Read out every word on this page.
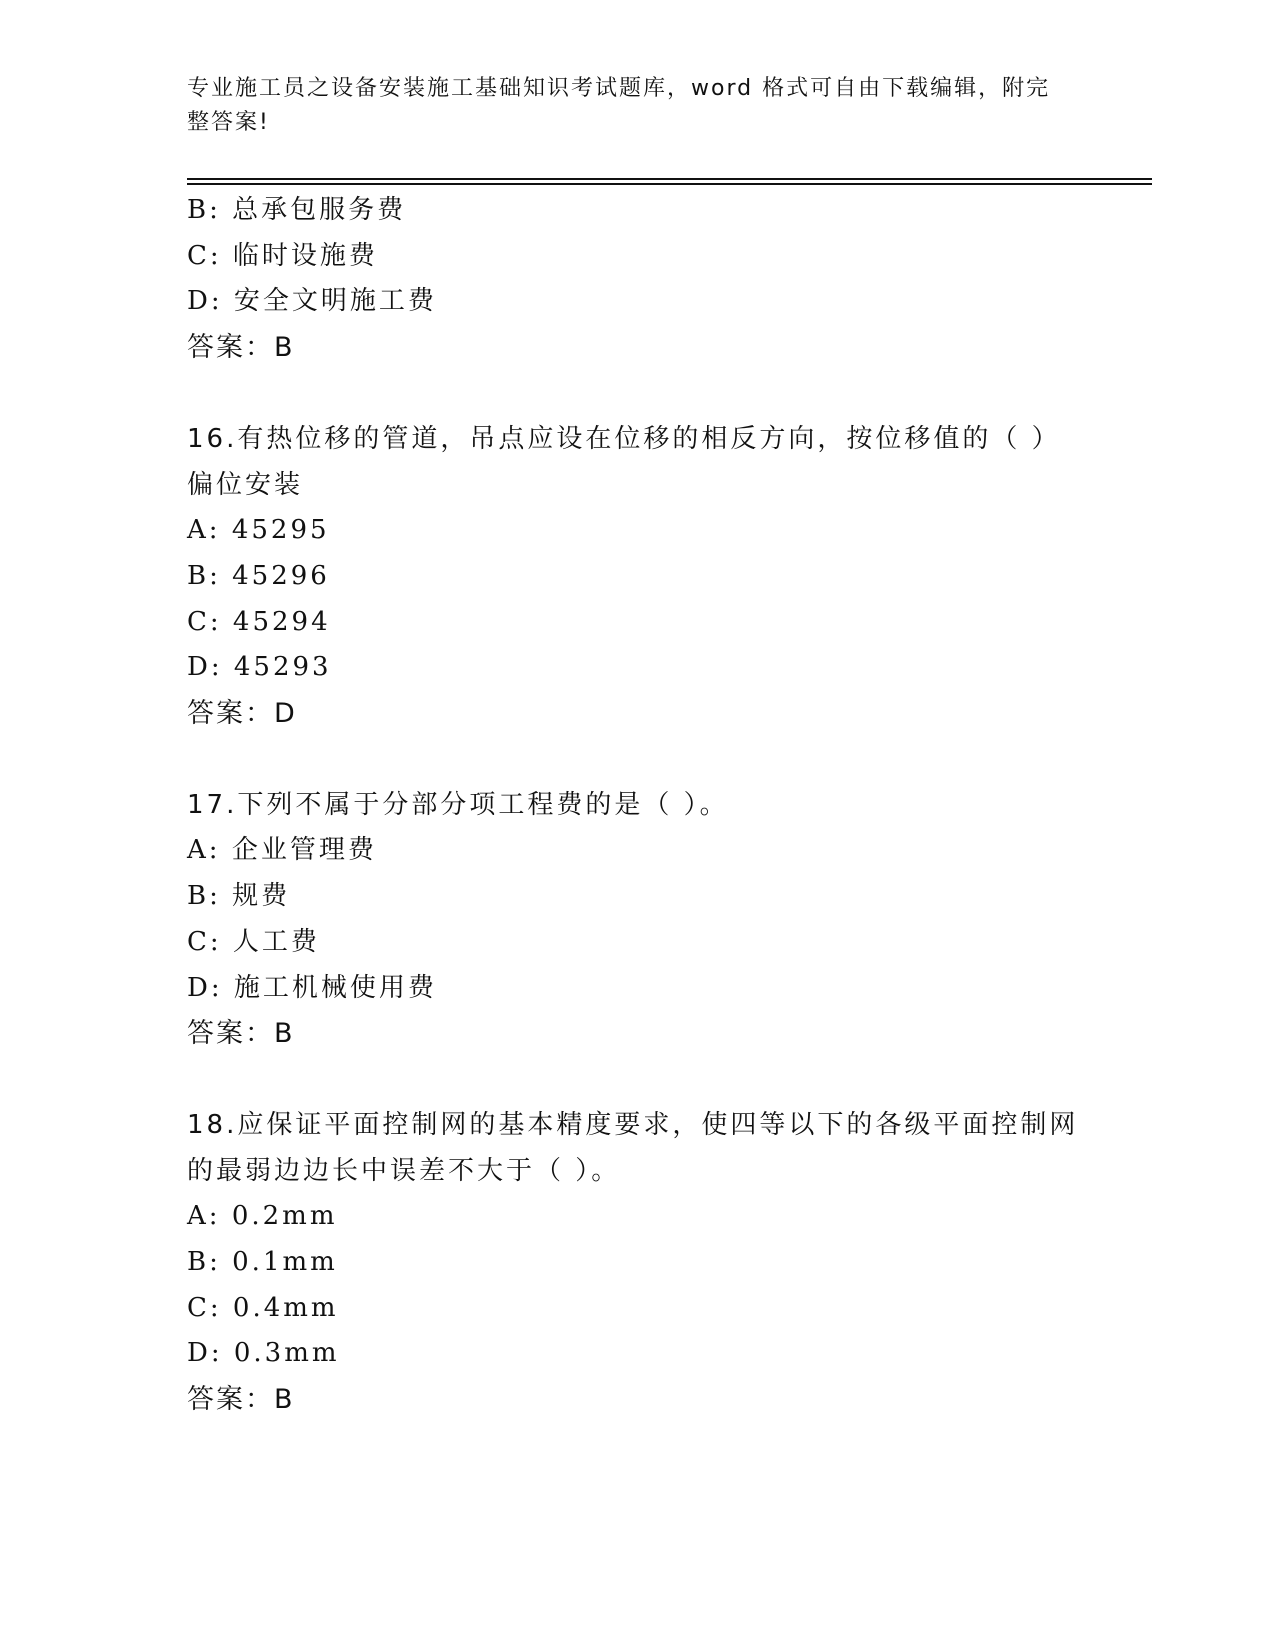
专业施工员之设备安装施工基础知识考试题库，word 格式可自由下载编辑，附完
整答案!
B: 总承包服务费
C: 临时设施费
D: 安全文明施工费
答案：B
16.有热位移的管道，吊点应设在位移的相反方向，按位移值的（ ）
偏位安装
A: 45295
B: 45296
C: 45294
D: 45293
答案：D
17.下列不属于分部分项工程费的是（ ）。
A: 企业管理费
B: 规费
C: 人工费
D: 施工机械使用费
答案：B
18.应保证平面控制网的基本精度要求，使四等以下的各级平面控制网
的最弱边边长中误差不大于（ ）。
A: 0.2mm
B: 0.1mm
C: 0.4mm
D: 0.3mm
答案：B
